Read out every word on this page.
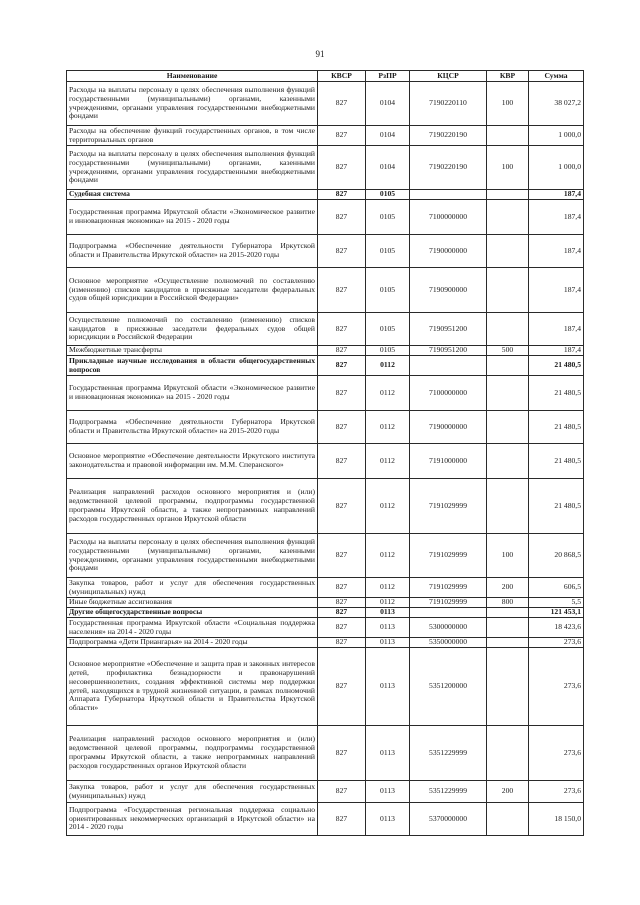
91
Наименование	КВСР	РзПР	КЦСР	КВР	Сумма
Расходы на выплаты персоналу в целях обеспечения выполнения функций государственными (муниципальными) органами, казенными учреждениями, органами управления государственными внебюджетными фондами	827	0104	7190220110	100	38 027,2
Расходы на обеспечение функций государственных органов, в том числе территориальных органов	827	0104	7190220190		1 000,0
Расходы на выплаты персоналу в целях обеспечения выполнения функций государственными (муниципальными) органами, казенными учреждениями, органами управления государственными внебюджетными фондами	827	0104	7190220190	100	1 000,0
Судебная система	827	0105			187,4
Государственная программа Иркутской области «Экономическое развитие и инновационная экономика» на 2015 - 2020 годы	827	0105	7100000000		187,4
Подпрограмма «Обеспечение деятельности Губернатора Иркутской области и Правительства Иркутской области» на 2015-2020 годы	827	0105	7190000000		187,4
Основное мероприятие «Осуществление полномочий по составлению (изменению) списков кандидатов в присяжные заседатели федеральных судов общей юрисдикции в Российской Федерации»	827	0105	7190900000		187,4
Осуществление полномочий по составлению (изменению) списков кандидатов в присяжные заседатели федеральных судов общей юрисдикции в Российской Федерации	827	0105	7190951200		187,4
Межбюджетные трансферты	827	0105	7190951200	500	187,4
Прикладные научные исследования в области общегосударственных вопросов	827	0112			21 480,5
Государственная программа Иркутской области «Экономическое развитие и инновационная экономика» на 2015 - 2020 годы	827	0112	7100000000		21 480,5
Подпрограмма «Обеспечение деятельности Губернатора Иркутской области и Правительства Иркутской области» на 2015-2020 годы	827	0112	7190000000		21 480,5
Основное мероприятие «Обеспечение деятельности Иркутского института законодательства и правовой информации им. М.М. Сперанского»	827	0112	7191000000		21 480,5
Реализация направлений расходов основного мероприятия и (или) ведомственной целевой программы, подпрограммы государственной программы Иркутской области, а также непрограммных направлений расходов государственных органов Иркутской области	827	0112	7191029999		21 480,5
Расходы на выплаты персоналу в целях обеспечения выполнения функций государственными (муниципальными) органами, казенными учреждениями, органами управления государственными внебюджетными фондами	827	0112	7191029999	100	20 868,5
Закупка товаров, работ и услуг для обеспечения государственных (муниципальных) нужд	827	0112	7191029999	200	606,5
Иные бюджетные ассигнования	827	0112	7191029999	800	5,5
Другие общегосударственные вопросы	827	0113			121 453,1
Государственная программа Иркутской области «Социальная поддержка населения» на 2014 - 2020 годы	827	0113	5300000000		18 423,6
Подпрограмма «Дети Приангарья» на 2014 - 2020 годы	827	0113	5350000000		273,6
Основное мероприятие «Обеспечение и защита прав и законных интересов детей, профилактика безнадзорности и правонарушений несовершеннолетних, создания эффективной системы мер поддержки детей, находящихся в трудной жизненной ситуации, в рамках полномочий Аппарата Губернатора Иркутской области и Правительства Иркутской области»	827	0113	5351200000		273,6
Реализация направлений расходов основного мероприятия и (или) ведомственной целевой программы, подпрограммы государственной программы Иркутской области, а также непрограммных направлений расходов государственных органов Иркутской области	827	0113	5351229999		273,6
Закупка товаров, работ и услуг для обеспечения государственных (муниципальных) нужд	827	0113	5351229999	200	273,6
Подпрограмма «Государственная региональная поддержка социально ориентированных некоммерческих организаций в Иркутской области» на 2014 - 2020 годы	827	0113	5370000000		18 150,0
